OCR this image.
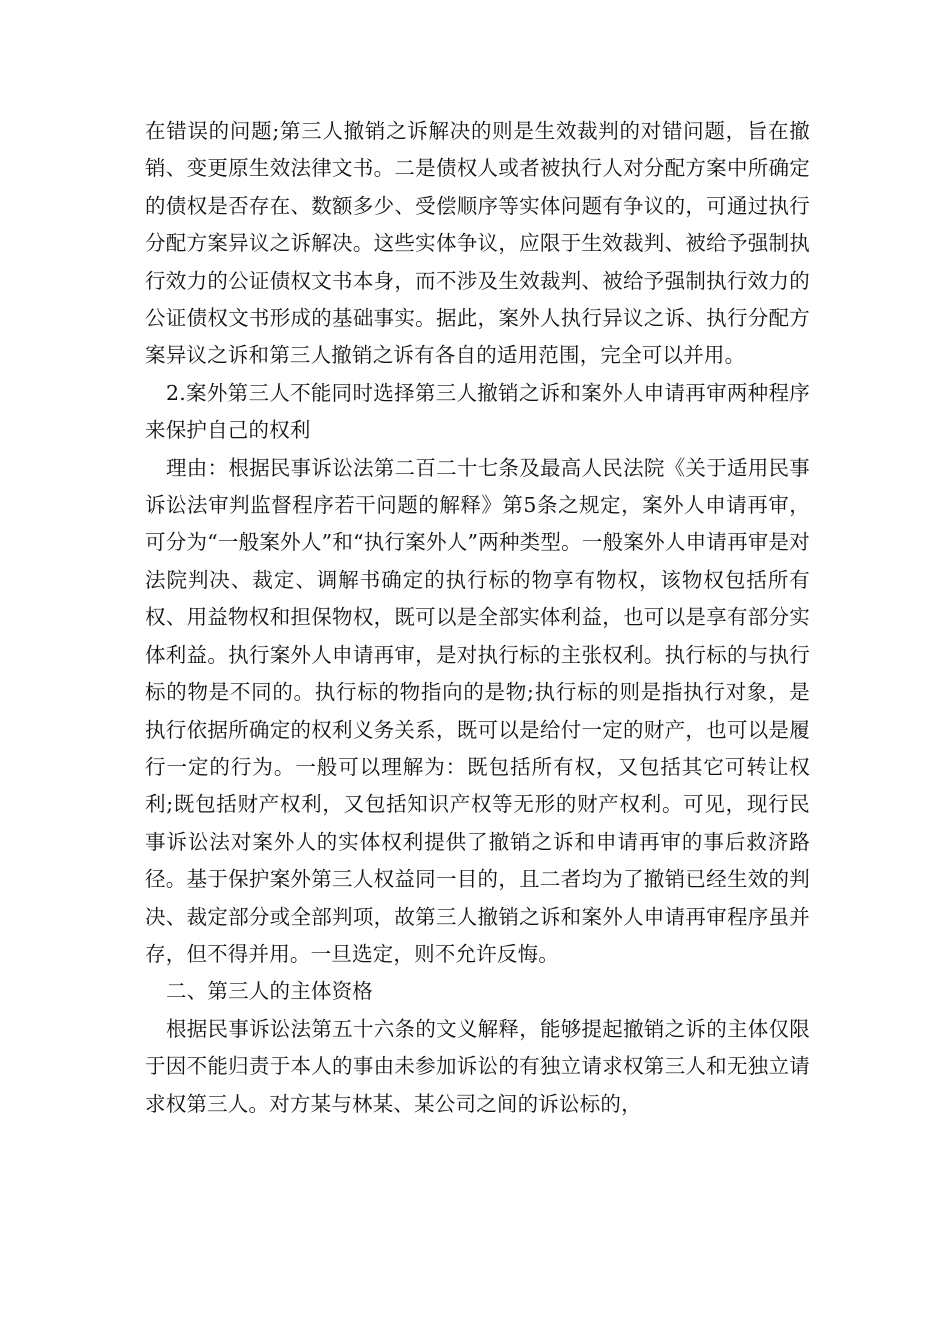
在错误的问题;第三人撤销之诉解决的则是生效裁判的对错问题，旨在撤销、变更原生效法律文书。二是债权人或者被执行人对分配方案中所确定的债权是否存在、数额多少、受偿顺序等实体问题有争议的，可通过执行分配方案异议之诉解决。这些实体争议，应限于生效裁判、被给予强制执行效力的公证债权文书本身，而不涉及生效裁判、被给予强制执行效力的公证债权文书形成的基础事实。据此，案外人执行异议之诉、执行分配方案异议之诉和第三人撤销之诉有各自的适用范围，完全可以并用。

2.案外第三人不能同时选择第三人撤销之诉和案外人申请再审两种程序来保护自己的权利

理由：根据民事诉讼法第二百二十七条及最高人民法院《关于适用民事诉讼法审判监督程序若干问题的解释》第5条之规定，案外人申请再审，可分为“一般案外人”和“执行案外人”两种类型。一般案外人申请再审是对法院判决、裁定、调解书确定的执行标的物享有物权，该物权包括所有权、用益物权和担保物权，既可以是全部实体利益，也可以是享有部分实体利益。执行案外人申请再审，是对执行标的主张权利。执行标的与执行标的物是不同的。执行标的物指向的是物;执行标的则是指执行对象，是执行依据所确定的权利义务关系，既可以是给付一定的财产，也可以是履行一定的行为。一般可以理解为：既包括所有权，又包括其它可转让权利;既包括财产权利，又包括知识产权等无形的财产权利。可见，现行民事诉讼法对案外人的实体权利提供了撤销之诉和申请再审的事后救济路径。基于保护案外第三人权益同一目的，且二者均为了撤销已经生效的判决、裁定部分或全部判项，故第三人撤销之诉和案外人申请再审程序虽并存，但不得并用。一旦选定，则不允许反悔。

二、第三人的主体资格

根据民事诉讼法第五十六条的文义解释，能够提起撤销之诉的主体仅限于因不能归责于本人的事由未参加诉讼的有独立请求权第三人和无独立请求权第三人。对方某与林某、某公司之间的诉讼标的，
